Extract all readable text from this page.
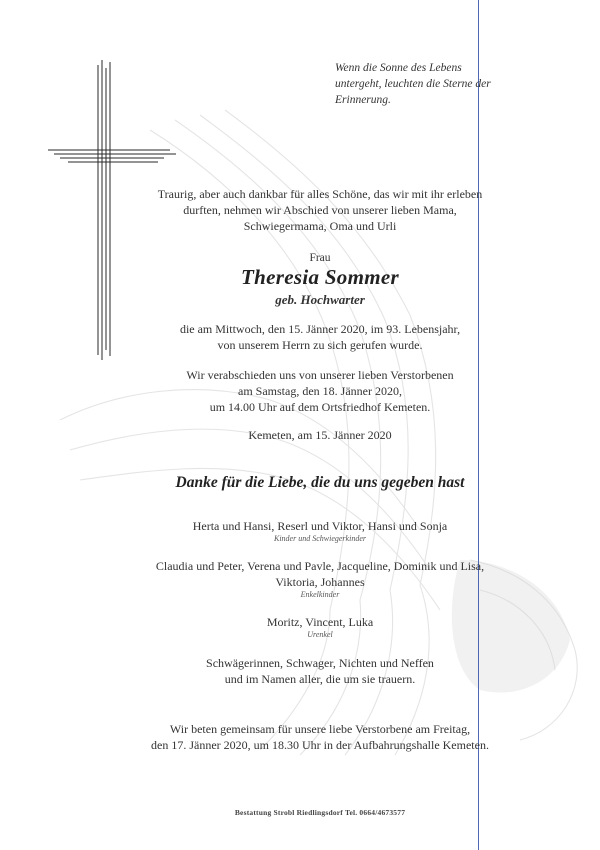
Wenn die Sonne des Lebens
untergeht, leuchten die Sterne der
Erinnerung.
Traurig, aber auch dankbar für alles Schöne, das wir mit ihr erleben
durften, nehmen wir Abschied von unserer lieben Mama,
Schwiegermama, Oma und Urli
Frau
Theresia Sommer
geb. Hochwarter
die am Mittwoch, den 15. Jänner 2020, im 93. Lebensjahr,
von unserem Herrn zu sich gerufen wurde.
Wir verabschieden uns von unserer lieben Verstorbenen
am Samstag, den 18. Jänner 2020,
um 14.00 Uhr auf dem Ortsfriedhof Kemeten.
Kemeten, am 15. Jänner 2020
Danke für die Liebe, die du uns gegeben hast
Herta und Hansi, Reserl und Viktor, Hansi und Sonja
Kinder und Schwiegerkinder
Claudia und Peter, Verena und Pavle, Jacqueline, Dominik und Lisa,
Viktoria, Johannes
Enkelkinder
Moritz, Vincent, Luka
Urenkel
Schwägerinnen, Schwager, Nichten und Neffen
und im Namen aller, die um sie trauern.
Wir beten gemeinsam für unsere liebe Verstorbene am Freitag,
den 17. Jänner 2020, um 18.30 Uhr in der Aufbahrungshalle Kemeten.
Bestattung Strobl Riedlingsdorf Tel. 0664/4673577
